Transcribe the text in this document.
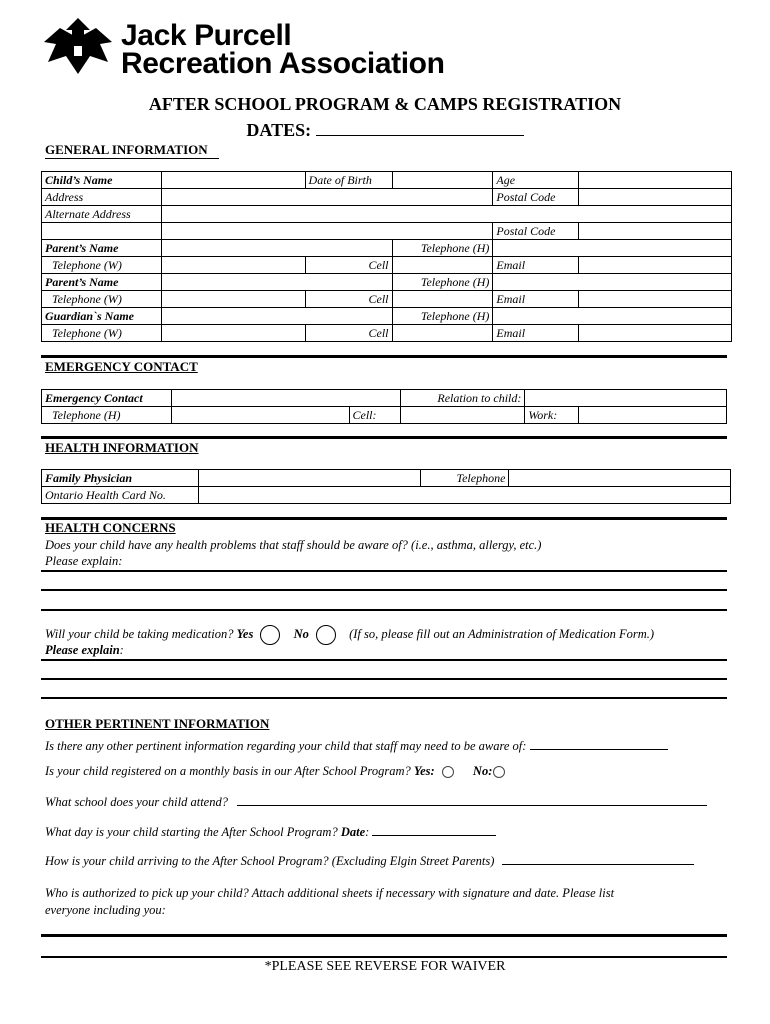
Jack Purcell
Recreation Association
AFTER SCHOOL PROGRAM & CAMPS REGISTRATION
DATES:
GENERAL INFORMATION
Child’s Name		Date of Birth		Age	
Address				Postal Code	
Alternate Address					
				Postal Code	
Parent’s Name			Telephone (H)		
Telephone (W)		Cell		Email	
Parent’s Name			Telephone (H)		
Telephone (W)		Cell		Email	
Guardian`s Name			Telephone (H)		
Telephone (W)		Cell		Email	
EMERGENCY CONTACT
Emergency Contact			Relation to child:		
Telephone (H)		Cell:		Work:	
HEALTH INFORMATION
Family Physician		Telephone	
Ontario Health Card No.			
HEALTH CONCERNS
Does your child have any health problems that staff should be aware of? (i.e., asthma, allergy, etc.)
Please explain:
Will your child be taking medication? Yes	No	(If so, please fill out an Administration of Medication Form.)
Please explain:
OTHER PERTINENT INFORMATION
Is there any other pertinent information regarding your child that staff may need to be aware of:
Is your child registered on a monthly basis in our After School Program? Yes:	No:
What school does your child attend?
What day is your child starting the After School Program? Date:
How is your child arriving to the After School Program? (Excluding Elgin Street Parents)
Who is authorized to pick up your child? Attach additional sheets if necessary with signature and date. Please list
everyone including you:
*PLEASE SEE REVERSE FOR WAIVER
